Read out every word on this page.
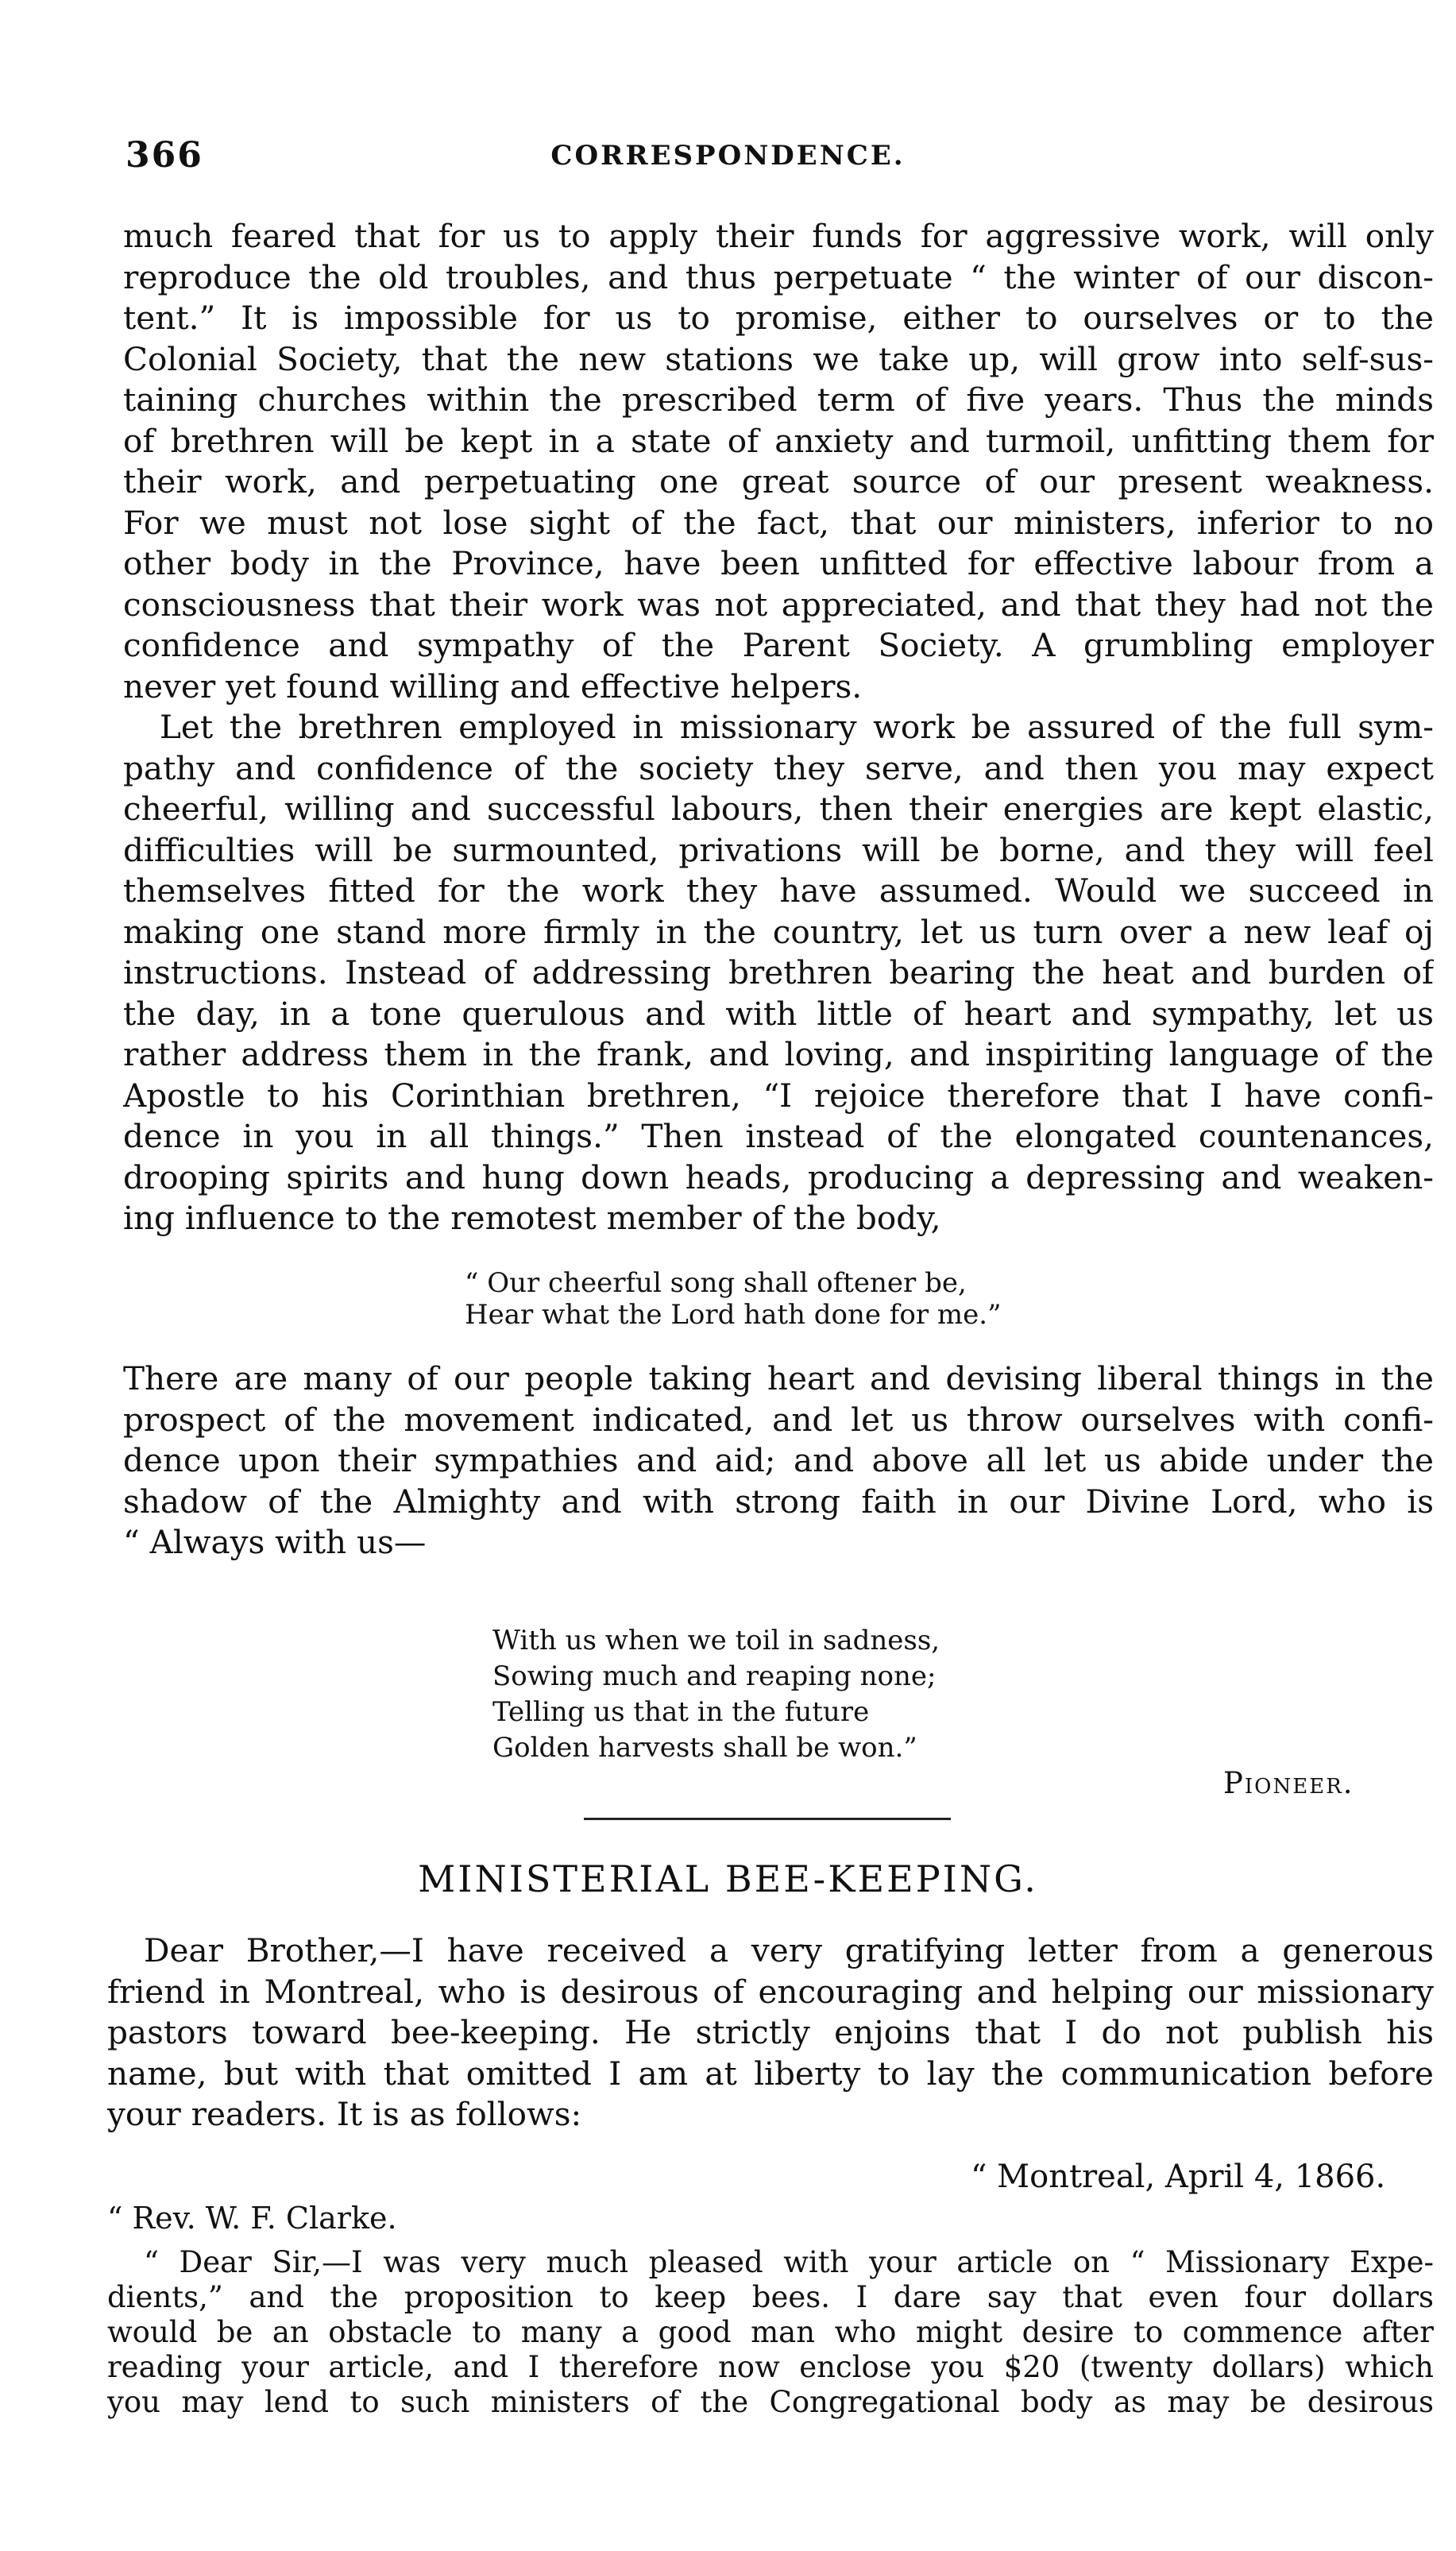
366	CORRESPONDENCE.
much feared that for us to apply their funds for aggressive work, will only
reproduce the old troubles, and thus perpetuate “ the winter of our discon-
tent.” It is impossible for us to promise, either to ourselves or to the
Colonial Society, that the new stations we take up, will grow into self-sus-
taining churches within the prescribed term of five years. Thus the minds
of brethren will be kept in a state of anxiety and turmoil, unfitting them for
their work, and perpetuating one great source of our present weakness.
For we must not lose sight of the fact, that our ministers, inferior to no
other body in the Province, have been unfitted for effective labour from a
consciousness that their work was not appreciated, and that they had not the
confidence and sympathy of the Parent Society. A grumbling employer
never yet found willing and effective helpers.
Let the brethren employed in missionary work be assured of the full sym-
pathy and confidence of the society they serve, and then you may expect
cheerful, willing and successful labours, then their energies are kept elastic,
difficulties will be surmounted, privations will be borne, and they will feel
themselves fitted for the work they have assumed. Would we succeed in
making one stand more firmly in the country, let us turn over a new leaf oj
instructions. Instead of addressing brethren bearing the heat and burden of
the day, in a tone querulous and with little of heart and sympathy, let us
rather address them in the frank, and loving, and inspiriting language of the
Apostle to his Corinthian brethren, “I rejoice therefore that I have confi-
dence in you in all things.” Then instead of the elongated countenances,
drooping spirits and hung down heads, producing a depressing and weaken-
ing influence to the remotest member of the body,
“ Our cheerful song shall oftener be,
Hear what the Lord hath done for me.”
There are many of our people taking heart and devising liberal things in the
prospect of the movement indicated, and let us throw ourselves with confi-
dence upon their sympathies and aid; and above all let us abide under the
shadow of the Almighty and with strong faith in our Divine Lord, who is
“ Always with us—
With us when we toil in sadness,
Sowing much and reaping none;
Telling us that in the future
Golden harvests shall be won.”
Pioneer.
MINISTERIAL BEE-KEEPING.
Dear Brother,—I have received a very gratifying letter from a generous
friend in Montreal, who is desirous of encouraging and helping our missionary
pastors toward bee-keeping. He strictly enjoins that I do not publish his
name, but with that omitted I am at liberty to lay the communication before
your readers. It is as follows:
“ Montreal, April 4, 1866.
“ Rev. W. F. Clarke.
“ Dear Sir,—I was very much pleased with your article on “ Missionary Expe-
dients,” and the proposition to keep bees. I dare say that even four dollars
would be an obstacle to many a good man who might desire to commence after
reading your article, and I therefore now enclose you $20 (twenty dollars) which
you may lend to such ministers of the Congregational body as may be desirous
